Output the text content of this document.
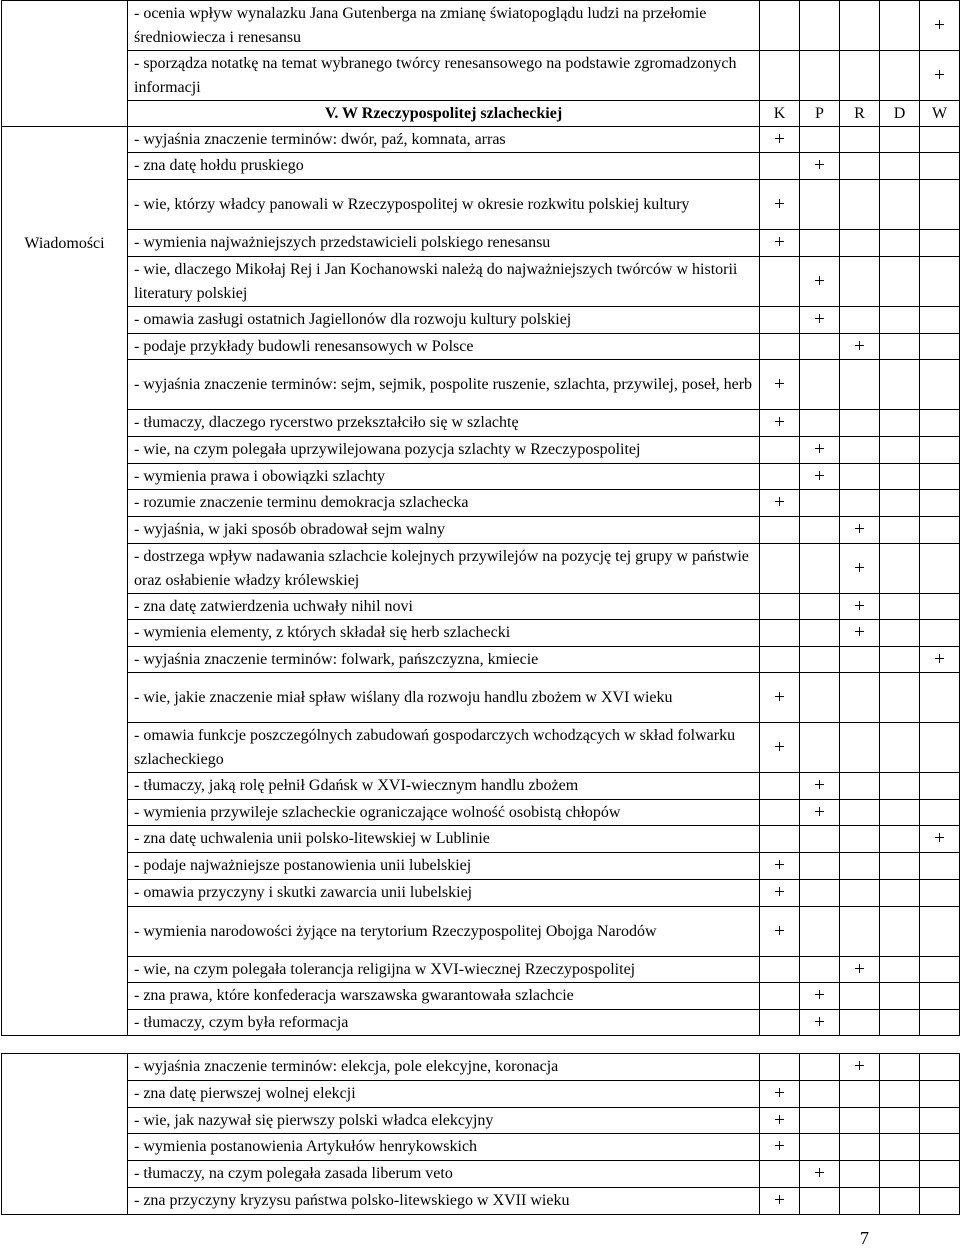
	- ocenia wpływ wynalazku Jana Gutenberga na zmianę światopoglądu ludzi na przełomie średniowiecza i renesansu					+
	- sporządza notatkę na temat wybranego twórcy renesansowego na podstawie zgromadzonych informacji					+
	V. W Rzeczypospolitej szlacheckiej	K	P	R	D	W

Wiadomości	- wyjaśnia znaczenie terminów: dwór, paź, komnata, arras	+				
	- zna datę hołdu pruskiego		+			
	- wie, którzy władcy panowali w Rzeczypospolitej w okresie rozkwitu polskiej kultury	+				
	- wymienia najważniejszych przedstawicieli polskiego renesansu	+				
	- wie, dlaczego Mikołaj Rej i Jan Kochanowski należą do najważniejszych twórców w historii literatury polskiej		+			
	- omawia zasługi ostatnich Jagiellonów dla rozwoju kultury polskiej		+			
	- podaje przykłady budowli renesansowych w Polsce			+		
	- wyjaśnia znaczenie terminów: sejm, sejmik, pospolite ruszenie, szlachta, przywilej, poseł, herb	+				
	- tłumaczy, dlaczego rycerstwo przekształciło się w szlachtę	+				
	- wie, na czym polegała uprzywilejowana pozycja szlachty w Rzeczypospolitej		+			
	- wymienia prawa i obowiązki szlachty		+			
	- rozumie znaczenie terminu demokracja szlachecka	+				
	- wyjaśnia, w jaki sposób obradował sejm walny			+		
	- dostrzega wpływ nadawania szlachcie kolejnych przywilejów na pozycję tej grupy w państwie oraz osłabienie władzy królewskiej			+		
	- zna datę zatwierdzenia uchwały nihil novi			+		
	- wymienia elementy, z których składał się herb szlachecki			+		
	- wyjaśnia znaczenie terminów: folwark, pańszczyzna, kmiecie					+
	- wie, jakie znaczenie miał spław wiślany dla rozwoju handlu zbożem w XVI wieku	+				
	- omawia funkcje poszczególnych zabudowań gospodarczych wchodzących w skład folwarku szlacheckiego	+				
	- tłumaczy, jaką rolę pełnił Gdańsk w XVI-wiecznym handlu zbożem		+			
	- wymienia przywileje szlacheckie ograniczające wolność osobistą chłopów		+			
	- zna datę uchwalenia unii polsko-litewskiej w Lublinie					+
	- podaje najważniejsze postanowienia unii lubelskiej	+				
	- omawia przyczyny i skutki zawarcia unii lubelskiej	+				
	- wymienia narodowości żyjące na terytorium Rzeczypospolitej Obojga Narodów	+				
	- wie, na czym polegała tolerancja religijna w XVI-wiecznej Rzeczypospolitej			+		
	- zna prawa, które konfederacja warszawska gwarantowała szlachcie		+			
	- tłumaczy, czym była reformacja		+			
	- wyjaśnia znaczenie terminów: elekcja, pole elekcyjne, koronacja			+		
	- zna datę pierwszej wolnej elekcji	+				
	- wie, jak nazywał się pierwszy polski władca elekcyjny	+				
	- wymienia postanowienia Artykułów henrykowskich	+				
	- tłumaczy, na czym polegała zasada liberum veto		+			
	- zna przyczyny kryzysu państwa polsko-litewskiego w XVII wieku	+				
7
